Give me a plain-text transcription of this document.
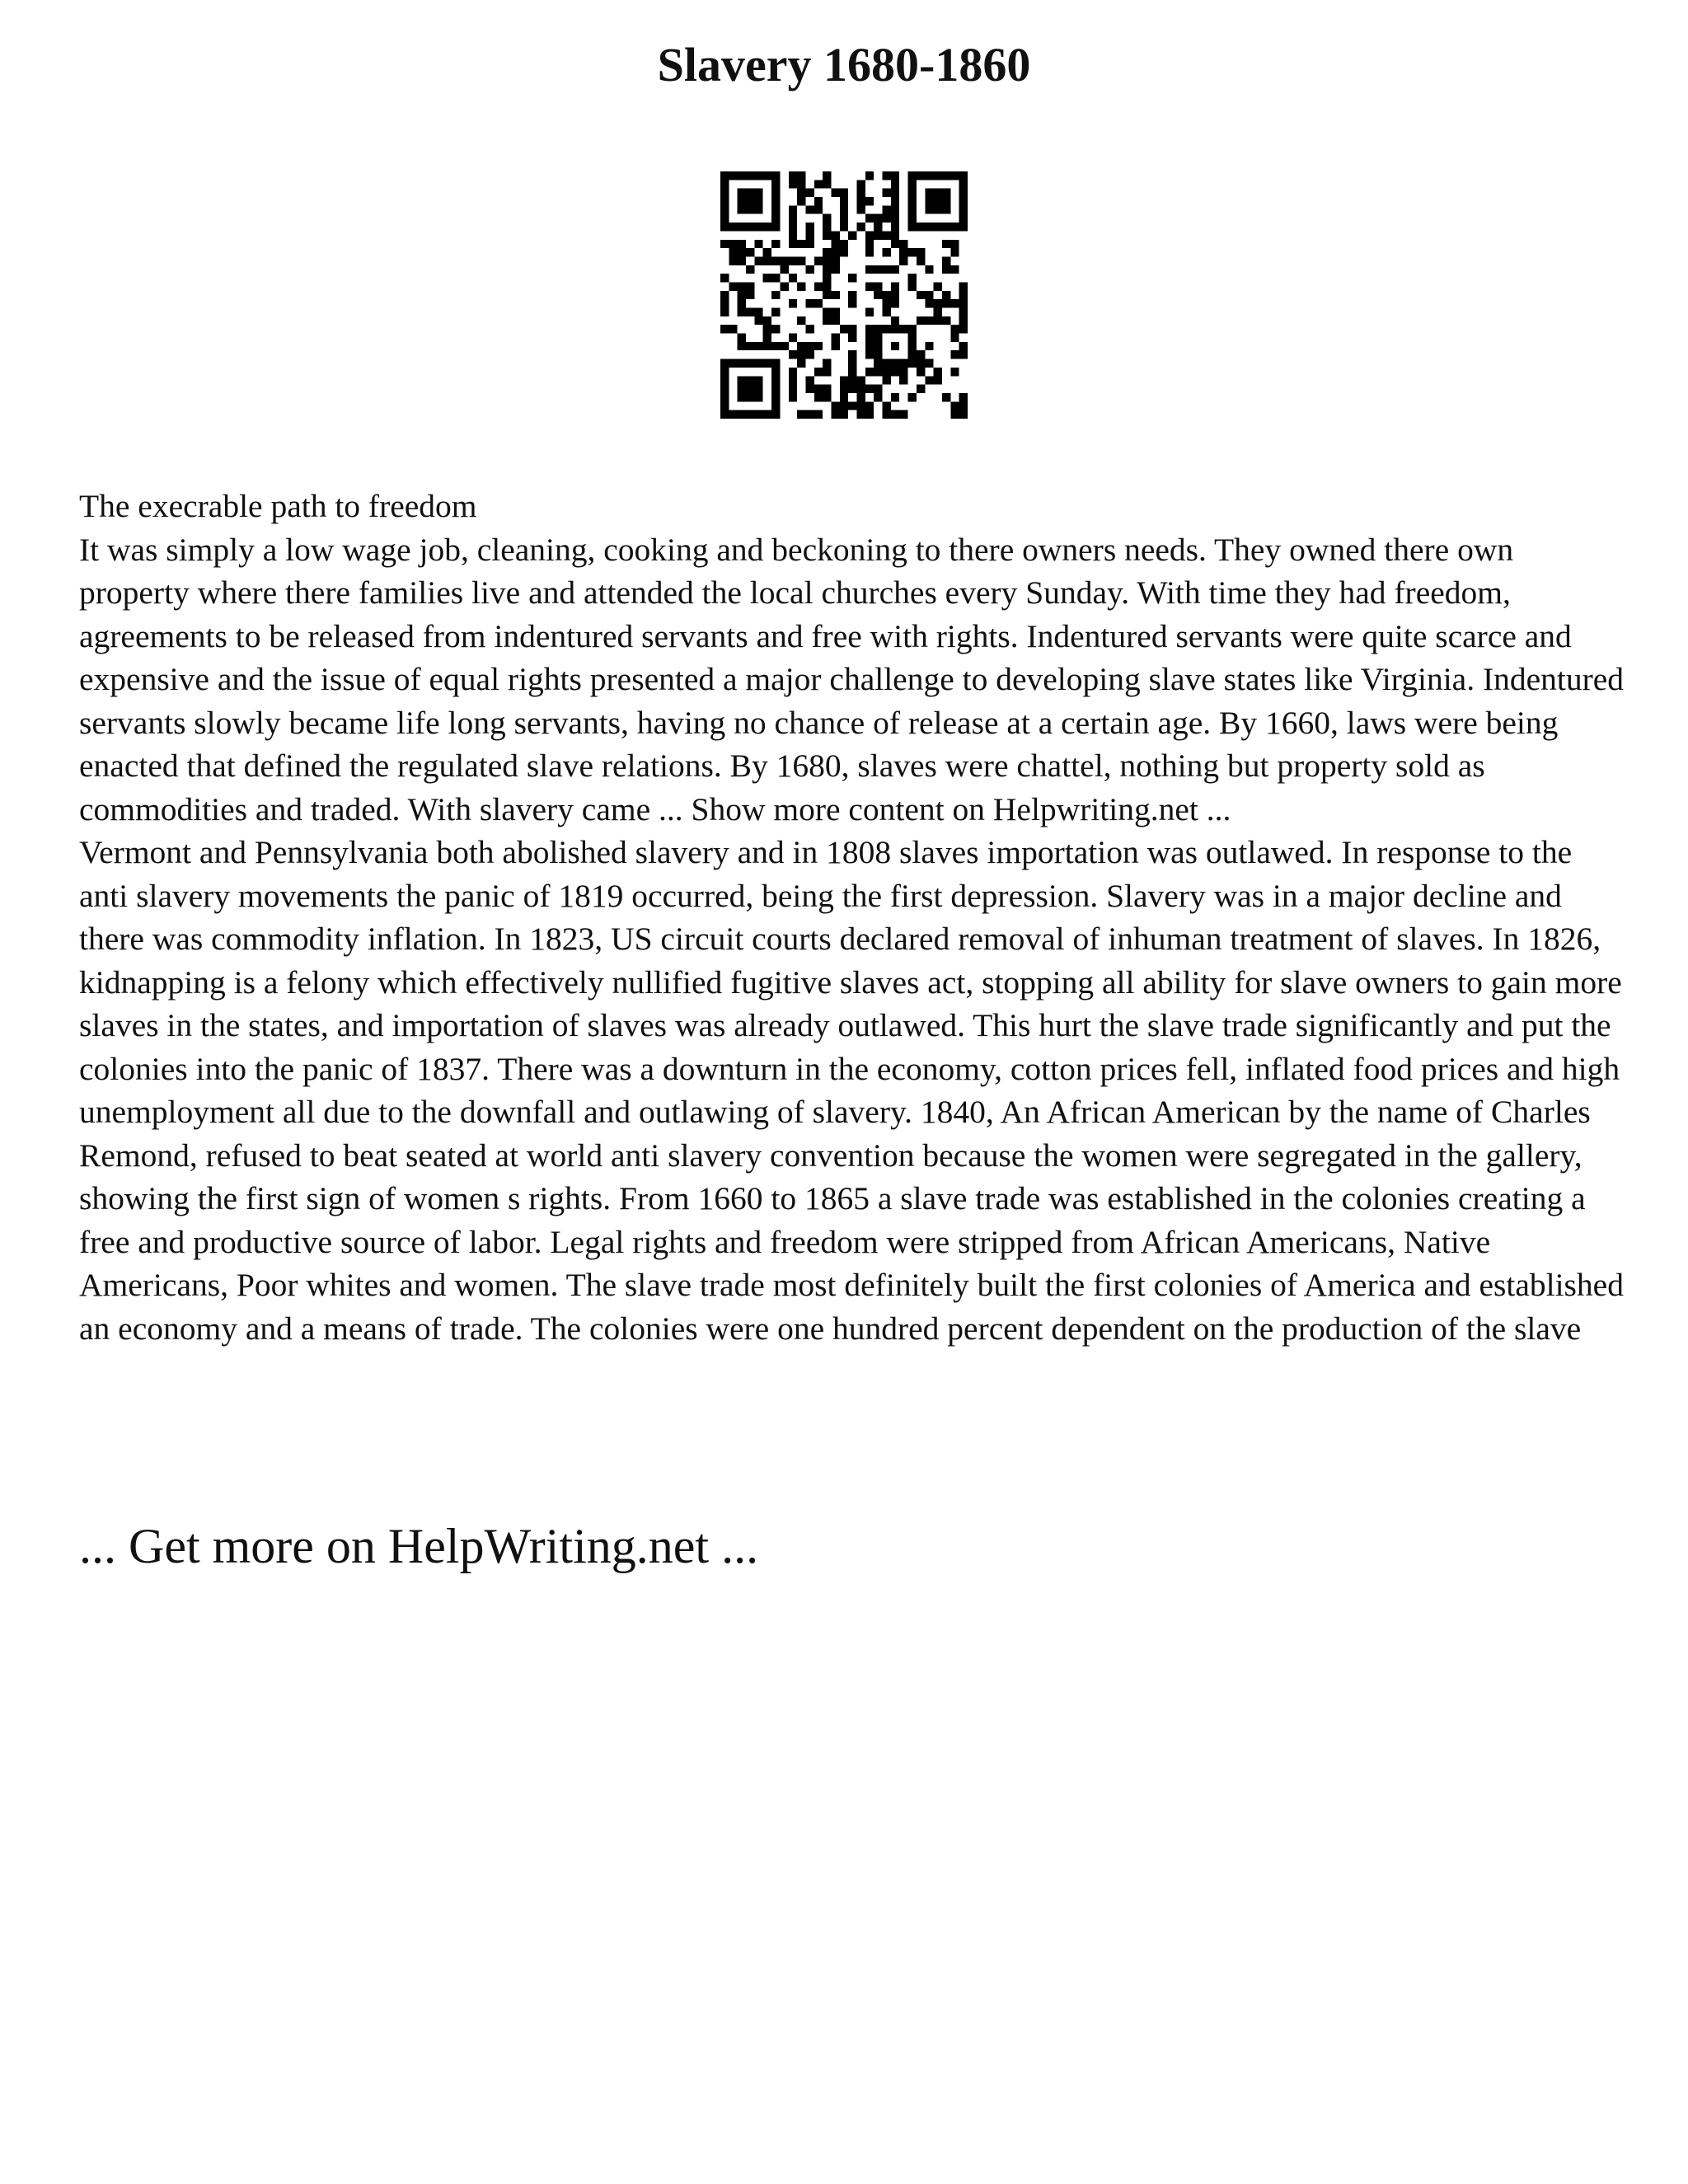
Slavery 1680-1860

The execrable path to freedom

It was simply a low wage job, cleaning, cooking and beckoning to there owners needs. They owned there own property where there families live and attended the local churches every Sunday. With time they had freedom, agreements to be released from indentured servants and free with rights. Indentured servants were quite scarce and expensive and the issue of equal rights presented a major challenge to developing slave states like Virginia. Indentured servants slowly became life long servants, having no chance of release at a certain age. By 1660, laws were being enacted that defined the regulated slave relations. By 1680, slaves were chattel, nothing but property sold as commodities and traded. With slavery came ... Show more content on Helpwriting.net ...

Vermont and Pennsylvania both abolished slavery and in 1808 slaves importation was outlawed. In response to the anti slavery movements the panic of 1819 occurred, being the first depression. Slavery was in a major decline and there was commodity inflation. In 1823, US circuit courts declared removal of inhuman treatment of slaves. In 1826, kidnapping is a felony which effectively nullified fugitive slaves act, stopping all ability for slave owners to gain more slaves in the states, and importation of slaves was already outlawed. This hurt the slave trade significantly and put the colonies into the panic of 1837. There was a downturn in the economy, cotton prices fell, inflated food prices and high unemployment all due to the downfall and outlawing of slavery. 1840, An African American by the name of Charles Remond, refused to beat seated at world anti slavery convention because the women were segregated in the gallery, showing the first sign of women s rights. From 1660 to 1865 a slave trade was established in the colonies creating a free and productive source of labor. Legal rights and freedom were stripped from African Americans, Native Americans, Poor whites and women. The slave trade most definitely built the first colonies of America and established an economy and a means of trade. The colonies were one hundred percent dependent on the production of the slave

... Get more on HelpWriting.net ...
